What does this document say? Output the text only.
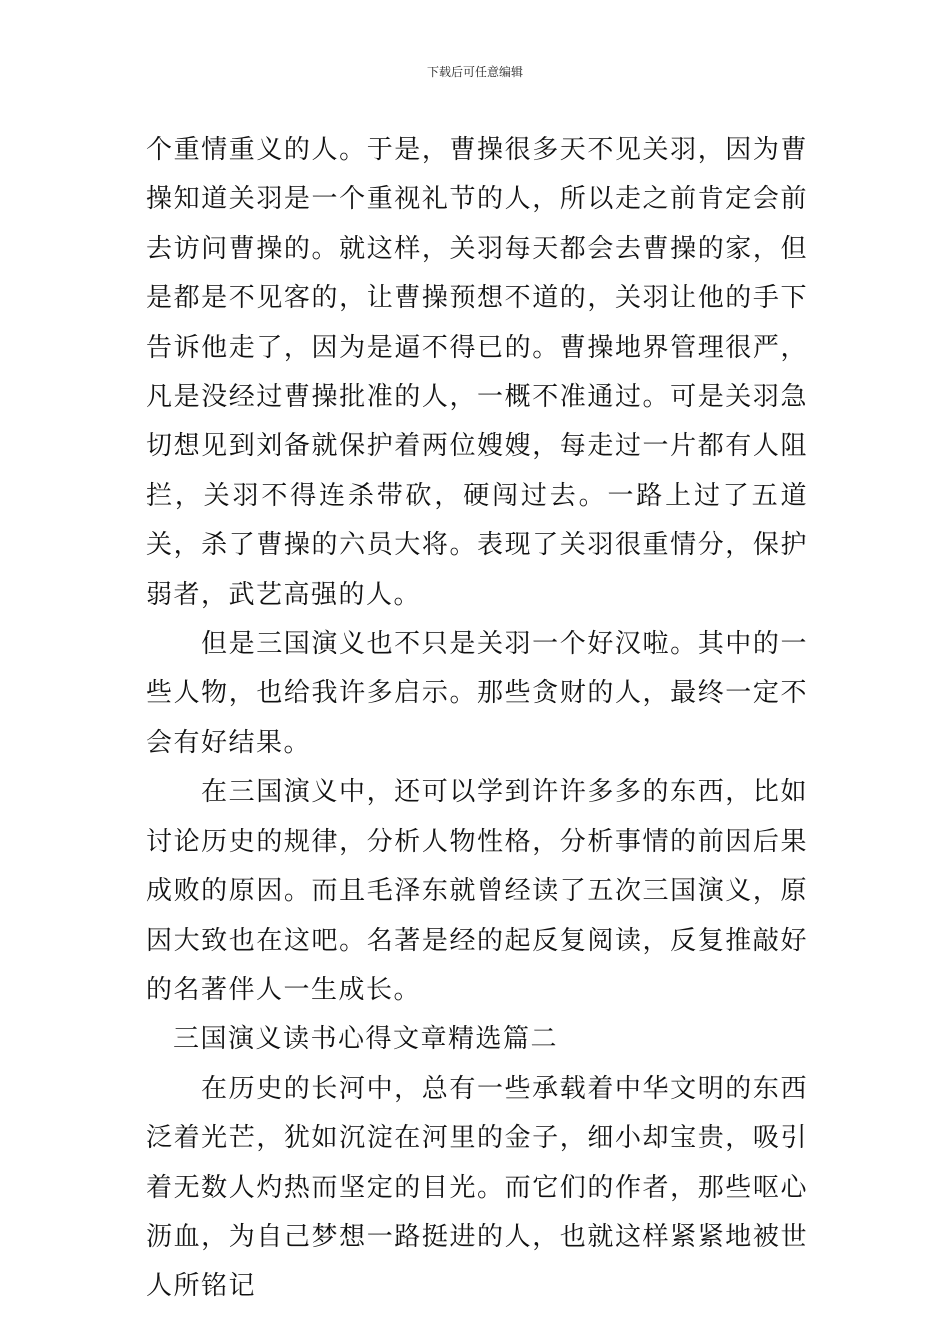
下载后可任意编辑

个重情重义的人。于是，曹操很多天不见关羽，因为曹操知道关羽是一个重视礼节的人，所以走之前肯定会前去访问曹操的。就这样，关羽每天都会去曹操的家，但是都是不见客的，让曹操预想不道的，关羽让他的手下告诉他走了，因为是逼不得已的。曹操地界管理很严，凡是没经过曹操批准的人，一概不准通过。可是关羽急切想见到刘备就保护着两位嫂嫂，每走过一片都有人阻拦，关羽不得连杀带砍，硬闯过去。一路上过了五道关，杀了曹操的六员大将。表现了关羽很重情分，保护弱者，武艺高强的人。

但是三国演义也不只是关羽一个好汉啦。其中的一些人物，也给我许多启示。那些贪财的人，最终一定不会有好结果。

在三国演义中，还可以学到许许多多的东西，比如讨论历史的规律，分析人物性格，分析事情的前因后果成败的原因。而且毛泽东就曾经读了五次三国演义，原因大致也在这吧。名著是经的起反复阅读，反复推敲好的名著伴人一生成长。

三国演义读书心得文章精选篇二

在历史的长河中，总有一些承载着中华文明的东西泛着光芒，犹如沉淀在河里的金子，细小却宝贵，吸引着无数人灼热而坚定的目光。而它们的作者，那些呕心沥血，为自己梦想一路挺进的人，也就这样紧紧地被世人所铭记
